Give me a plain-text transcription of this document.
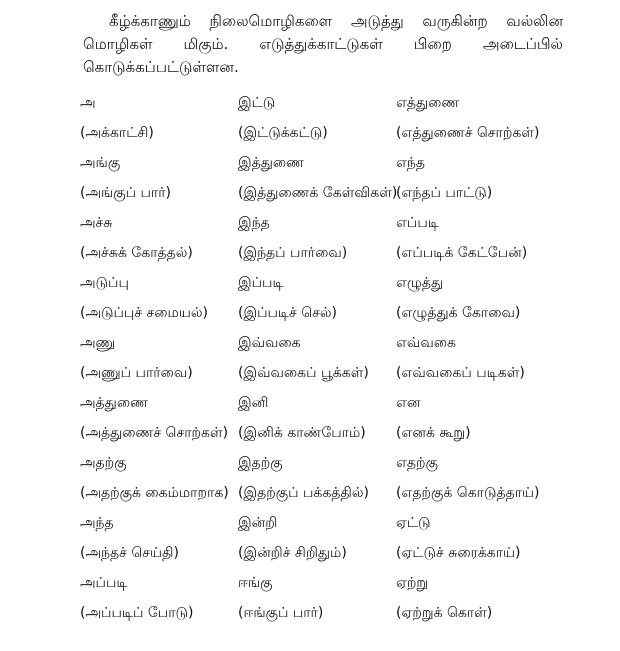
கீழ்க்காணும் நிலைமொழிகளை அடுத்து வருகின்ற வல்லின மொழிகள் மிகும். எடுத்துக்காட்டுகள் பிறை அடைப்பில் கொடுக்கப்பட்டுள்ளன.

அ
(அக்காட்சி)
இட்டு
(இட்டுக்கட்டு)
எத்துணை
(எத்துணைச் சொற்கள்)
அங்கு
(அங்குப் பார்)
இத்துணை
(இத்துணைக் கேள்விகள்)
எந்த
(எந்தப் பாட்டு)
அச்சு
(அச்சுக் கோத்தல்)
இந்த
(இந்தப் பார்வை)
எப்படி
(எப்படிக் கேட்பேன்)
அடுப்பு
(அடுப்புச் சமையல்)
இப்படி
(இப்படிச் செல்)
எழுத்து
(எழுத்துக் கோவை)
அணு
(அணுப் பார்வை)
இவ்வகை
(இவ்வகைப் பூக்கள்)
எவ்வகை
(எவ்வகைப் படிகள்)
அத்துணை
(அத்துணைச் சொற்கள்)
இனி
(இனிக் காண்போம்)
என
(எனக் கூறு)
அதற்கு
(அதற்குக் கைம்மாறாக)
இதற்கு
(இதற்குப் பக்கத்தில்)
எதற்கு
(எதற்குக் கொடுத்தாய்)
அந்த
(அந்தச் செய்தி)
இன்றி
(இன்றிச் சிறிதும்)
ஏட்டு
(ஏட்டுச் சுரைக்காய்)
அப்படி
(அப்படிப் போடு)
ஈங்கு
(ஈங்குப் பார்)
ஏற்று
(ஏற்றுக் கொள்)
